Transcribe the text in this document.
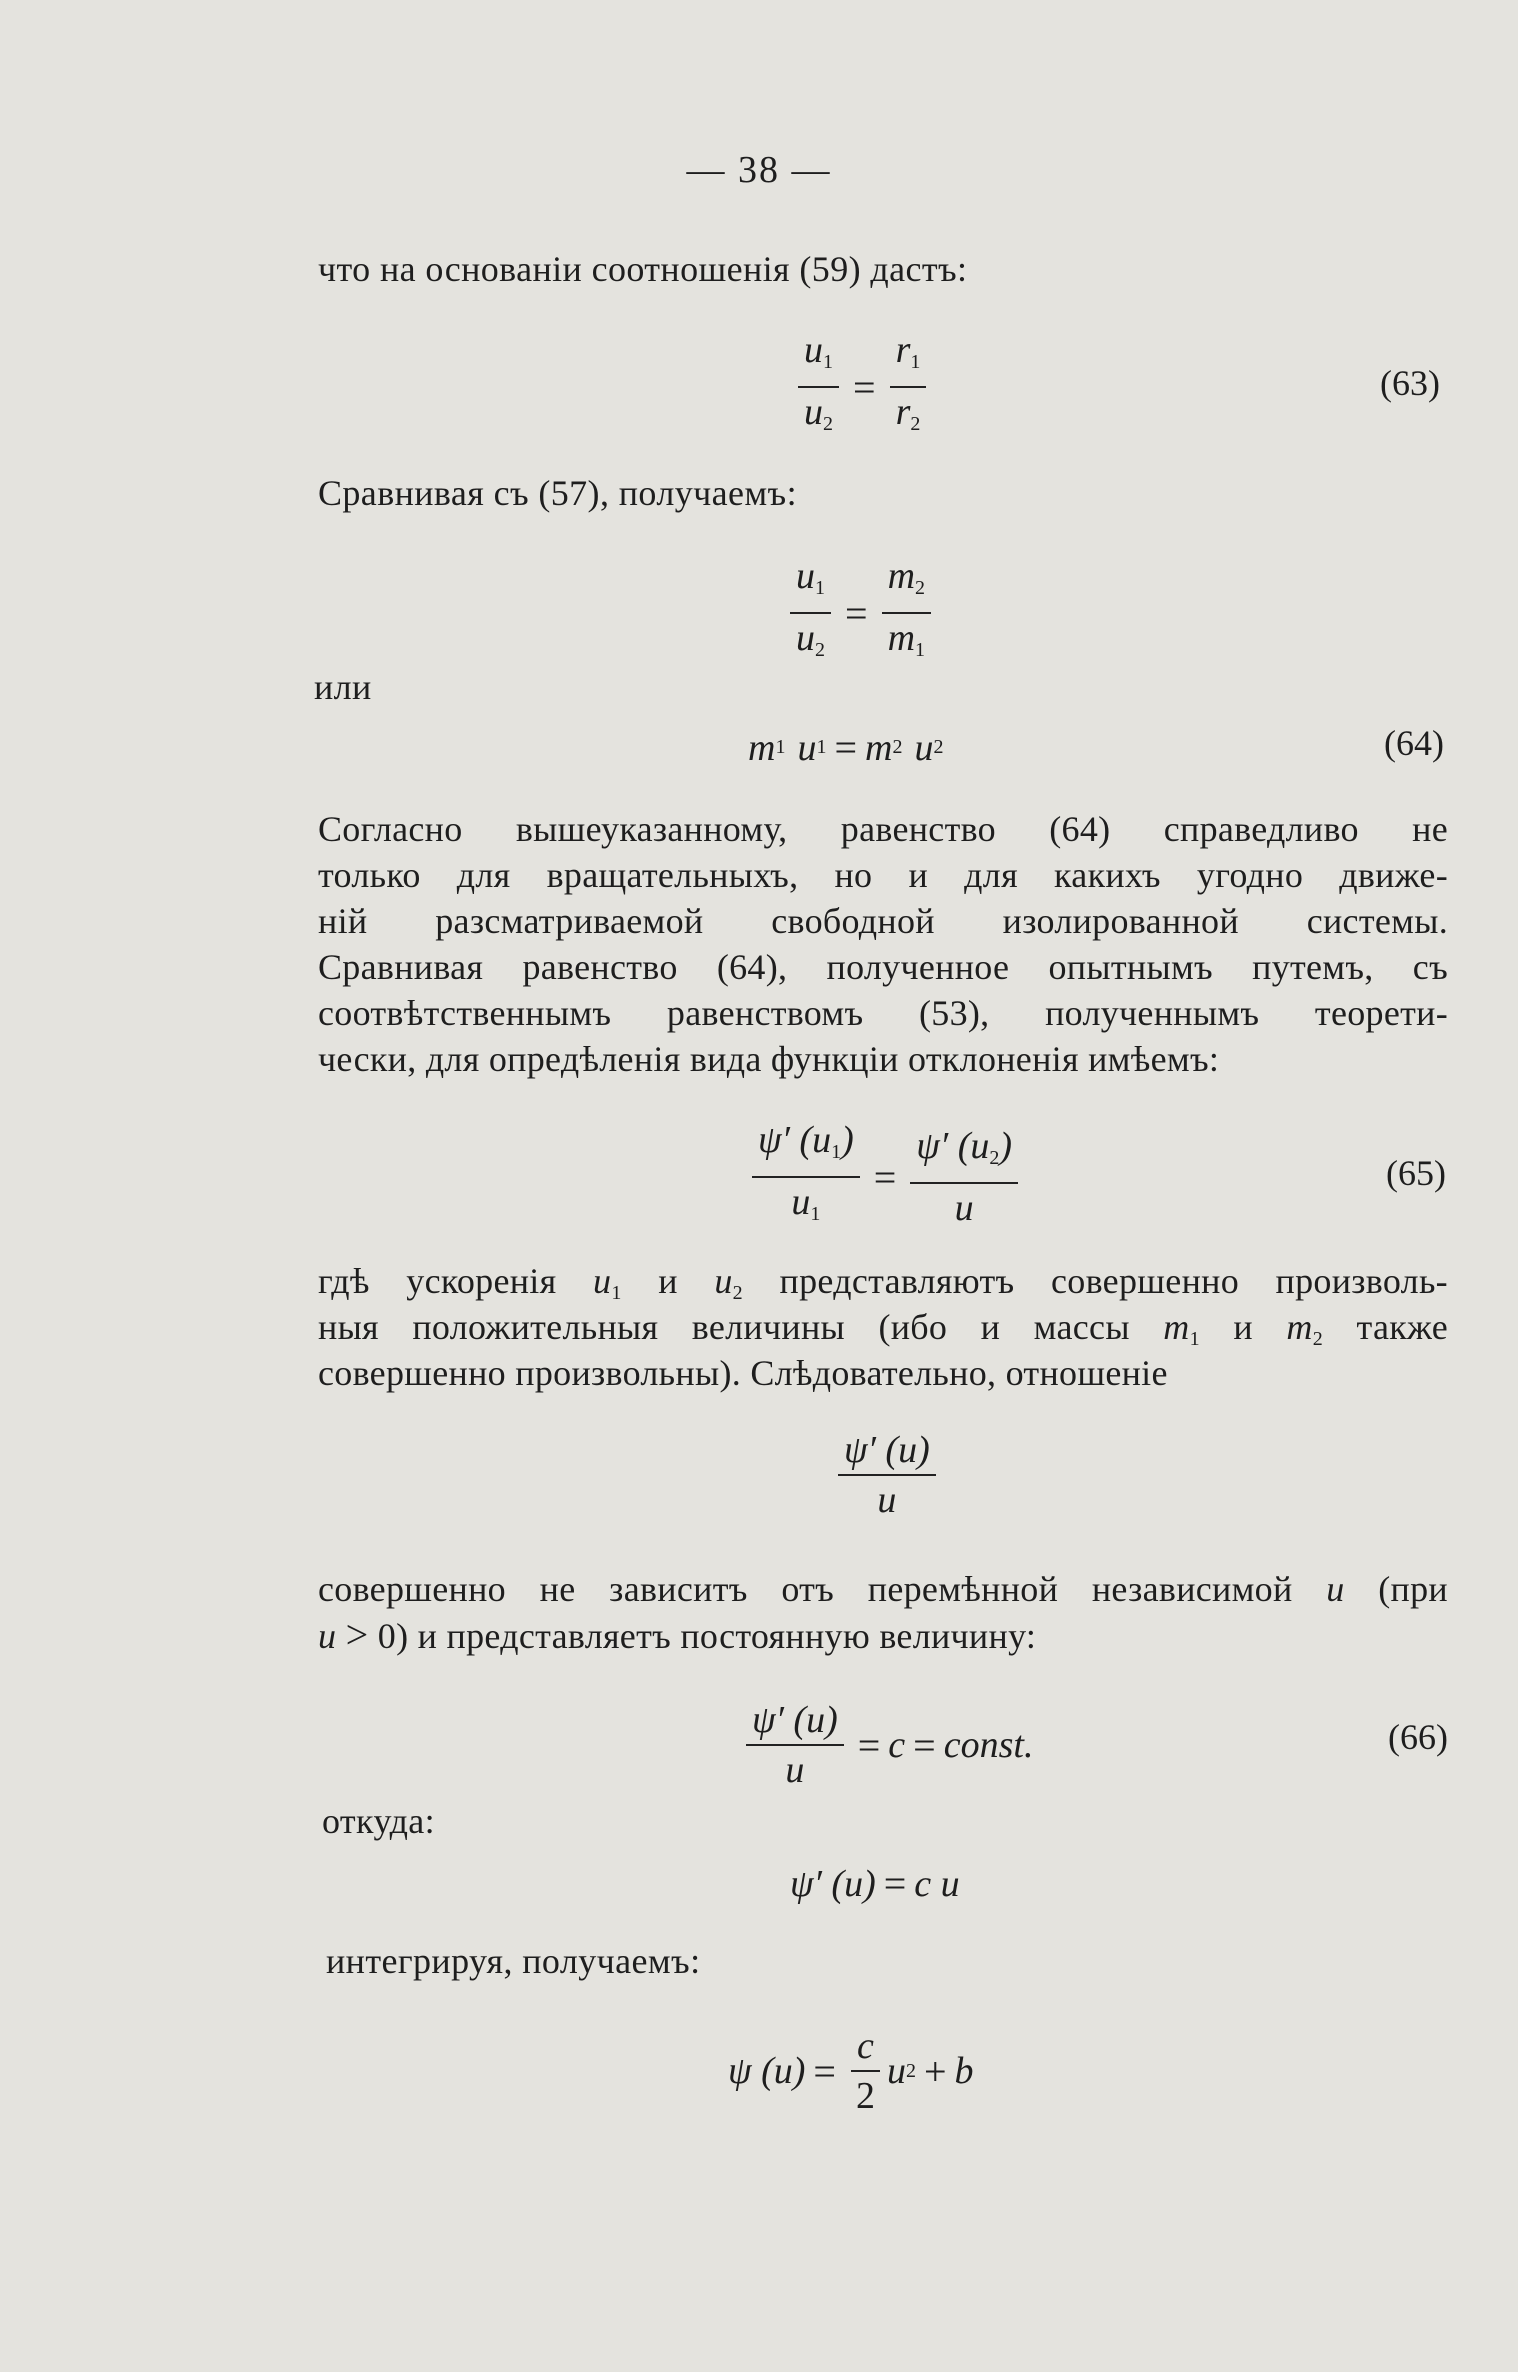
— 38 —
что на основанiи соотношенiя (59) дастъ:
$\frac{u_1}{u_2} = \frac{r_1}{r_2}$	(63)
Сравнивая съ (57), получаемъ:
$\frac{u_1}{u_2} = \frac{m_2}{m_1}$
или
m 1 u 1 = m 2 u 2	(64)
Согласно вышеуказанному, равенство (64) справедливо не
только для вращательныхъ, но и для какихъ угодно движе-
нiй разсматриваемой свободной изолированной системы.
Сравнивая равенство (64), полученное опытнымъ путемъ, съ
соотвѣтственнымъ равенствомъ (53), полученнымъ теорети-
чески, для опредѣленiя вида функцiи отклоненiя имѣемъ:
$\frac{\psi' (u_1)}{u_1} = \frac{\psi' (u_2)}{u}$	(65)
гдѣ ускоренiя $u_1$ и $u_2$ представляютъ совершенно произволь-
ныя положительныя величины (ибо и массы $m_1$ и $m_2$ также
совершенно произвольны). Слѣдовательно, отношенiе
$\frac{\psi' (u)}{u}$
совершенно не зависитъ отъ перемѣнной независимой u (при
u > 0) и представляетъ постоянную величину:
$\frac{\psi' (u)}{u} = c$ = const.	(66)
откуда:
ψ′ (u) = c u
интегрируя, получаемъ:
ψ $(u) = \frac{c}{2}$ u 2 + b
